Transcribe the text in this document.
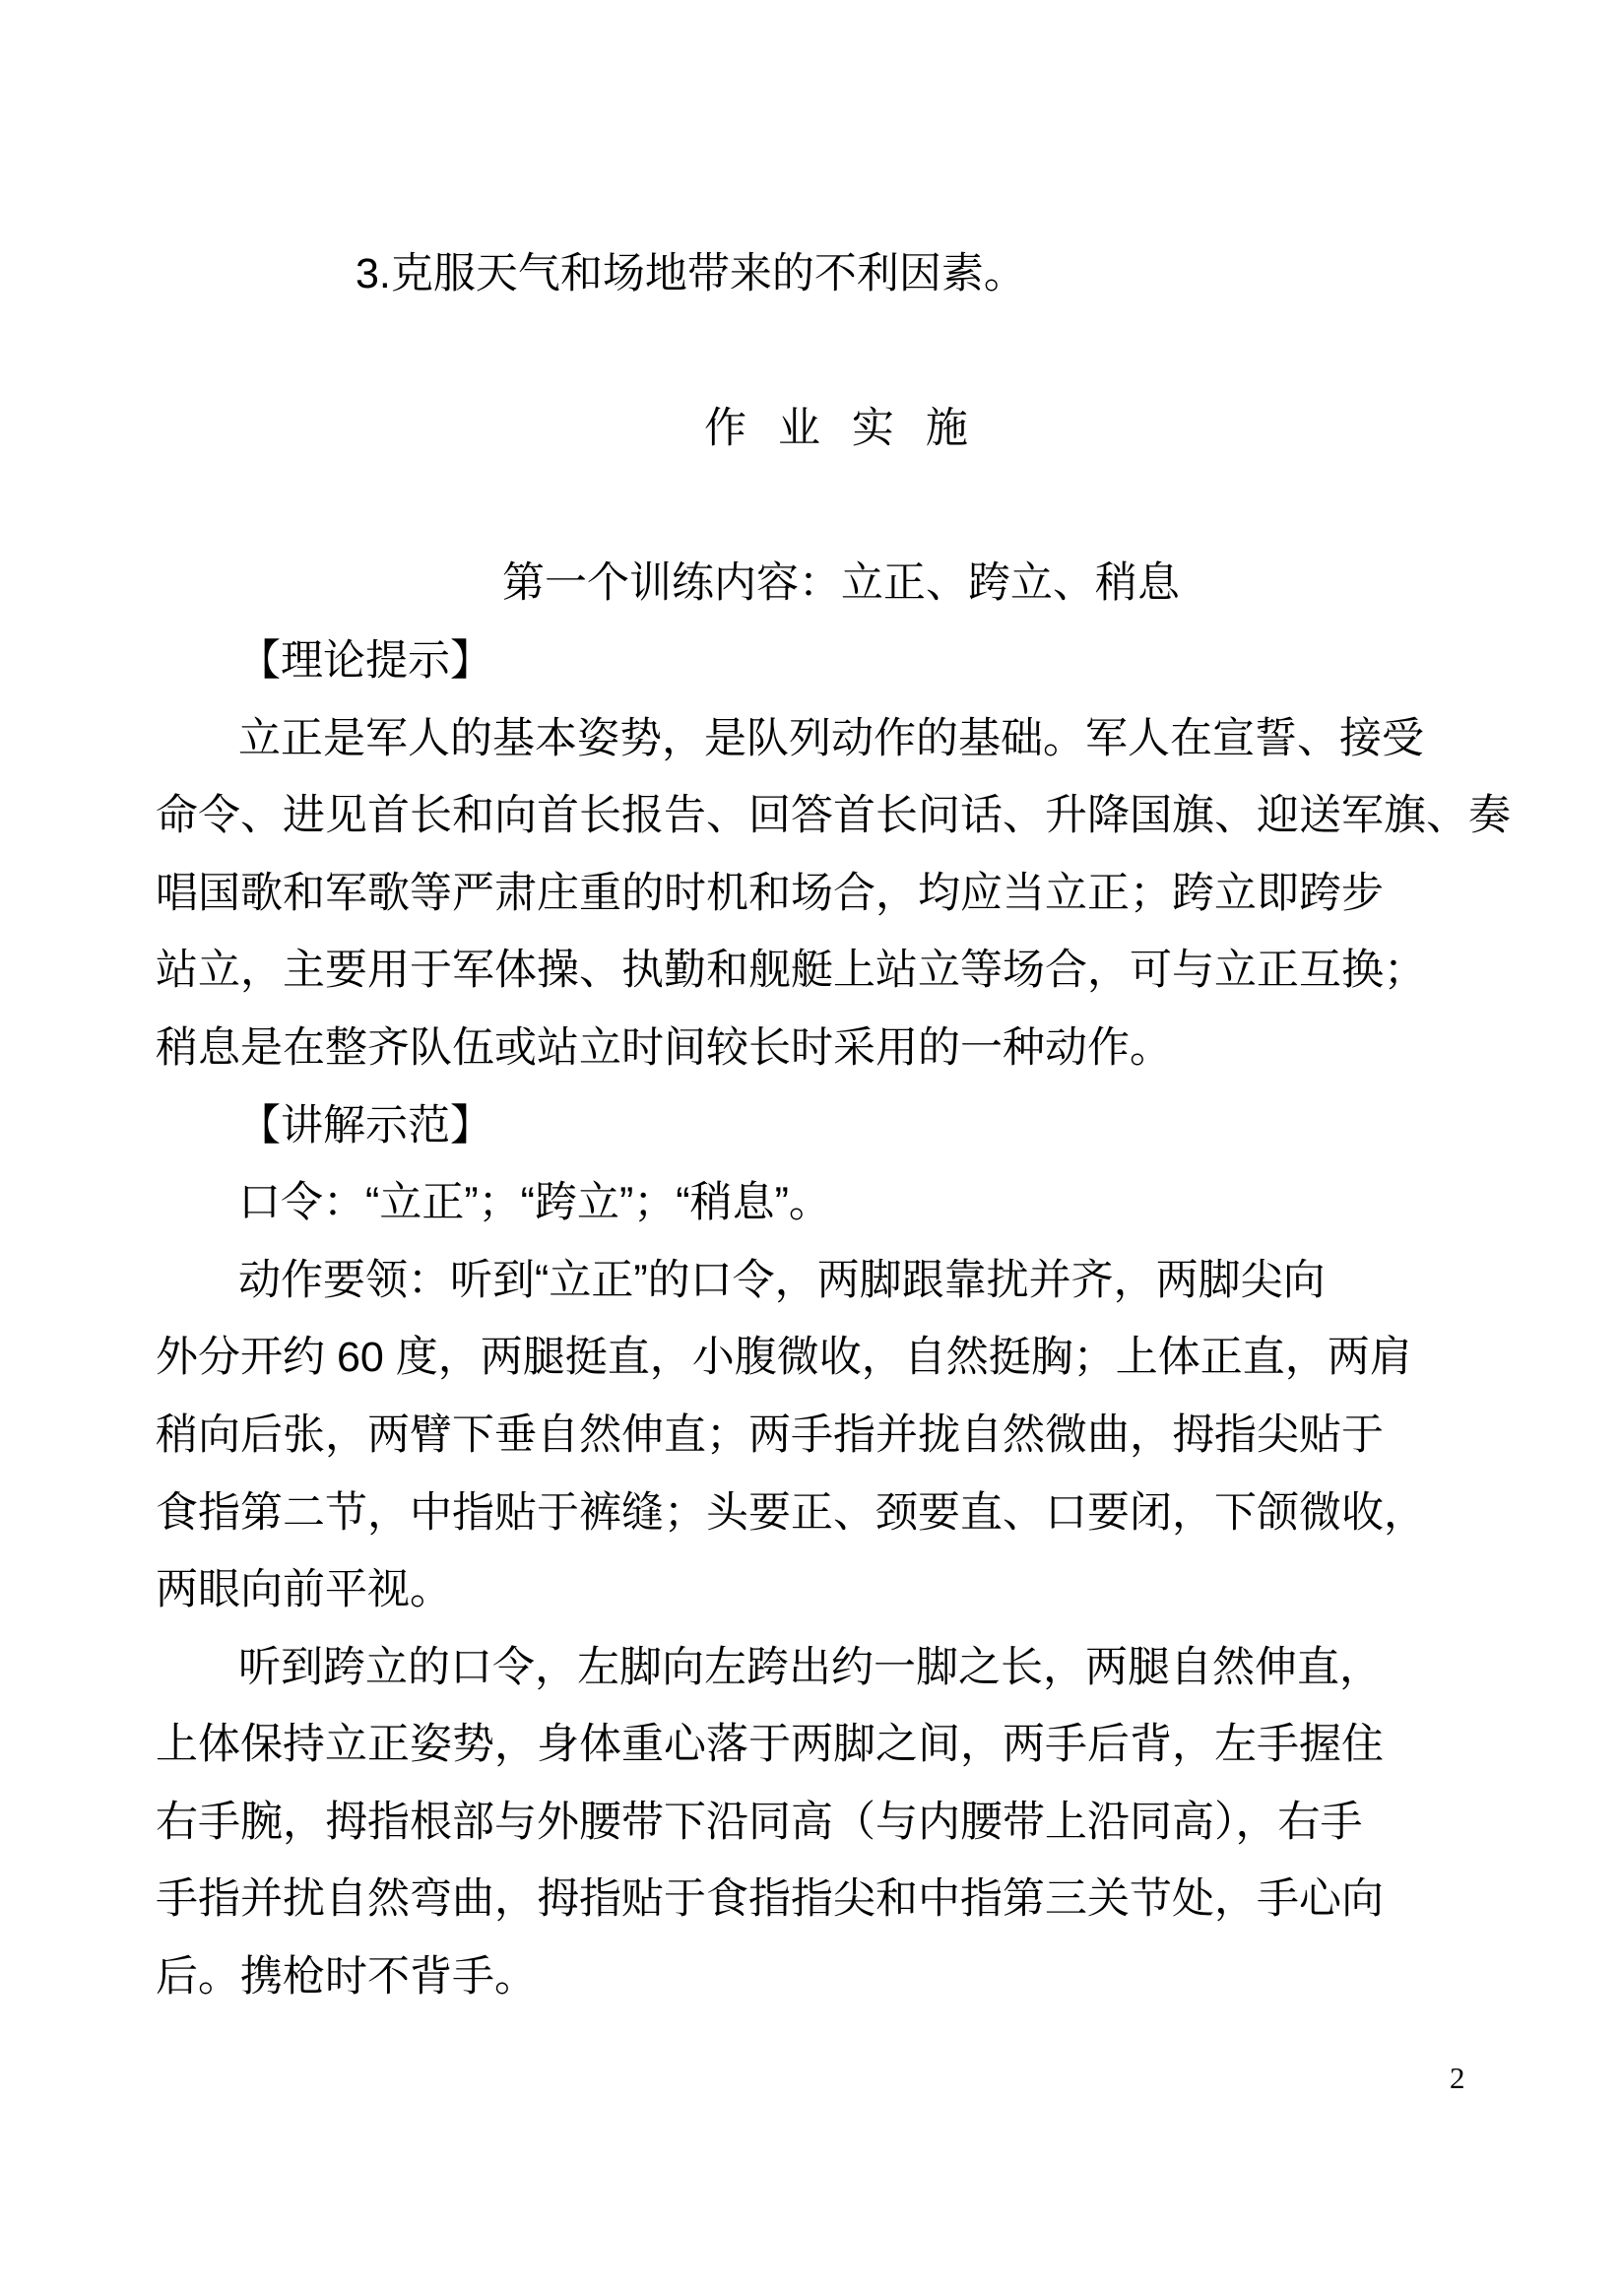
3.克服天气和场地带来的不利因素。
作 业 实 施
第一个训练内容：立正、跨立、稍息
【理论提示】
立正是军人的基本姿势，是队列动作的基础。军人在宣誓、接受
命令、进见首长和向首长报告、回答首长问话、升降国旗、迎送军旗、奏
唱国歌和军歌等严肃庄重的时机和场合，均应当立正；跨立即跨步
站立，主要用于军体操、执勤和舰艇上站立等场合，可与立正互换；
稍息是在整齐队伍或站立时间较长时采用的一种动作。
【讲解示范】
口令：“立正”；“跨立”；“稍息”。
动作要领：听到“立正”的口令，两脚跟靠扰并齐，两脚尖向
外分开约 60 度，两腿挺直，小腹微收，自然挺胸；上体正直，两肩
稍向后张，两臂下垂自然伸直；两手指并拢自然微曲，拇指尖贴于
食指第二节，中指贴于裤缝；头要正、颈要直、口要闭，下颌微收，
两眼向前平视。
听到跨立的口令，左脚向左跨出约一脚之长，两腿自然伸直，
上体保持立正姿势，身体重心落于两脚之间，两手后背，左手握住
右手腕，拇指根部与外腰带下沿同高（与内腰带上沿同高），右手
手指并扰自然弯曲，拇指贴于食指指尖和中指第三关节处，手心向
后。携枪时不背手。
2
